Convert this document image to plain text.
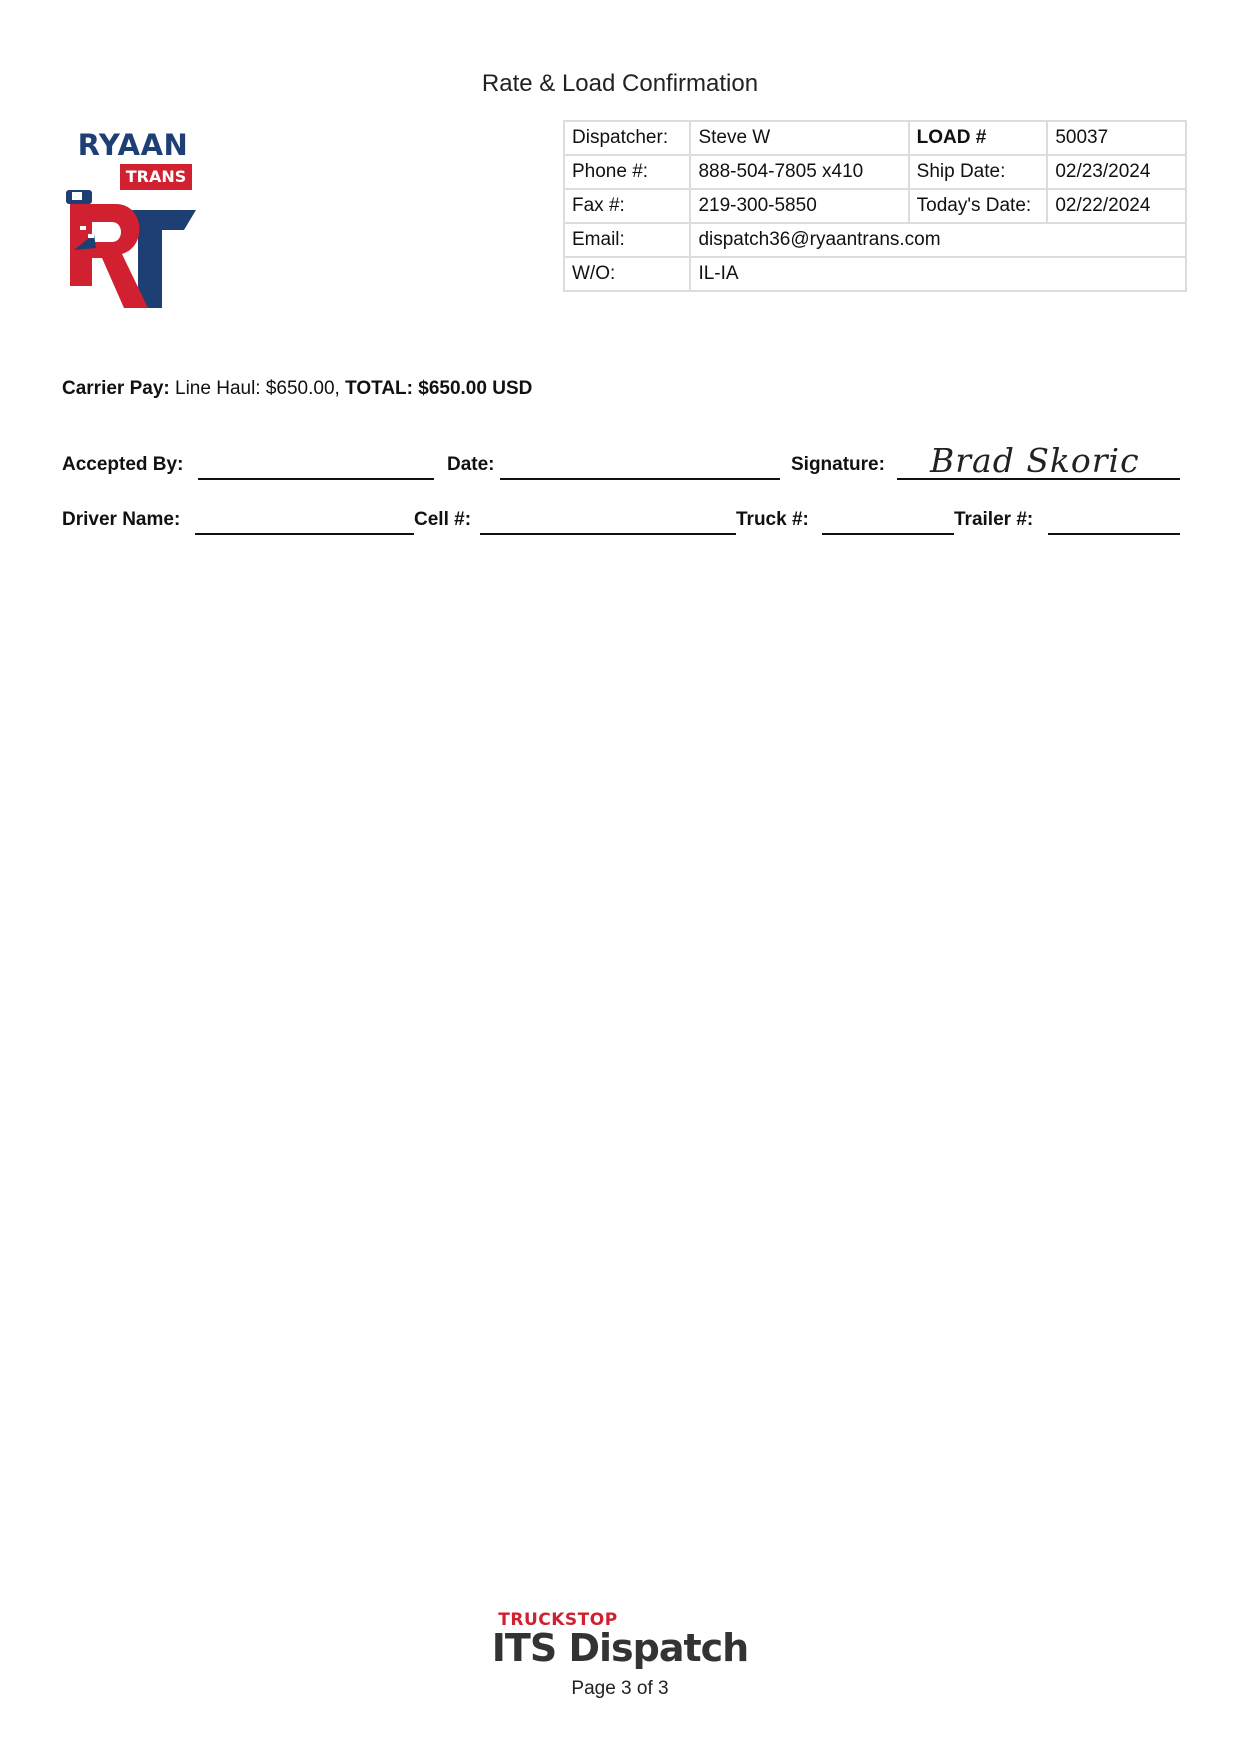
Rate & Load Confirmation
RYAAN
TRANS
Dispatcher:	Steve W	LOAD #	50037
Phone #:	888-504-7805 x410	Ship Date:	02/23/2024
Fax #:	219-300-5850	Today's Date:	02/22/2024
Email:	dispatch36@ryaantrans.com		
W/O:	IL-IA		
Carrier Pay: Line Haul: $650.00, TOTAL: $650.00 USD
Accepted By:	Date:	Signature: Brad Skoric
Driver Name:	Cell #:	Truck #:	Trailer #:
TRUCKSTOP
ITS Dispatch
Page 3 of 3
